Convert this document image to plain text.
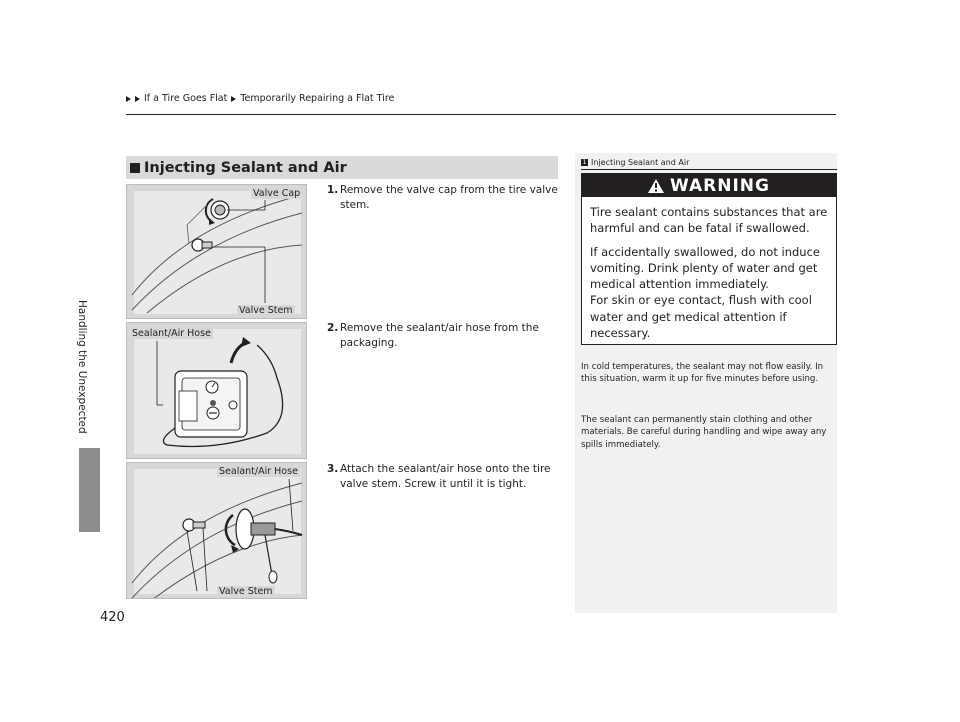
If a Tire Goes Flat Temporarily Repairing a Flat Tire
Handling the Unexpected
420
Injecting Sealant and Air
Valve Cap
Valve Stem
Sealant/Air Hose
Sealant/Air Hose
Valve Stem
1. Remove the valve cap from the tire valve stem.
2. Remove the sealant/air hose from the packaging.
3. Attach the sealant/air hose onto the tire valve stem. Screw it until it is tight.
1 Injecting Sealant and Air
WARNING

Tire sealant contains substances that are harmful and can be fatal if swallowed.

If accidentally swallowed, do not induce vomiting. Drink plenty of water and get medical attention immediately.

For skin or eye contact, flush with cool water and get medical attention if necessary.

In cold temperatures, the sealant may not flow easily. In this situation, warm it up for five minutes before using.
The sealant can permanently stain clothing and other materials. Be careful during handling and wipe away any spills immediately.
